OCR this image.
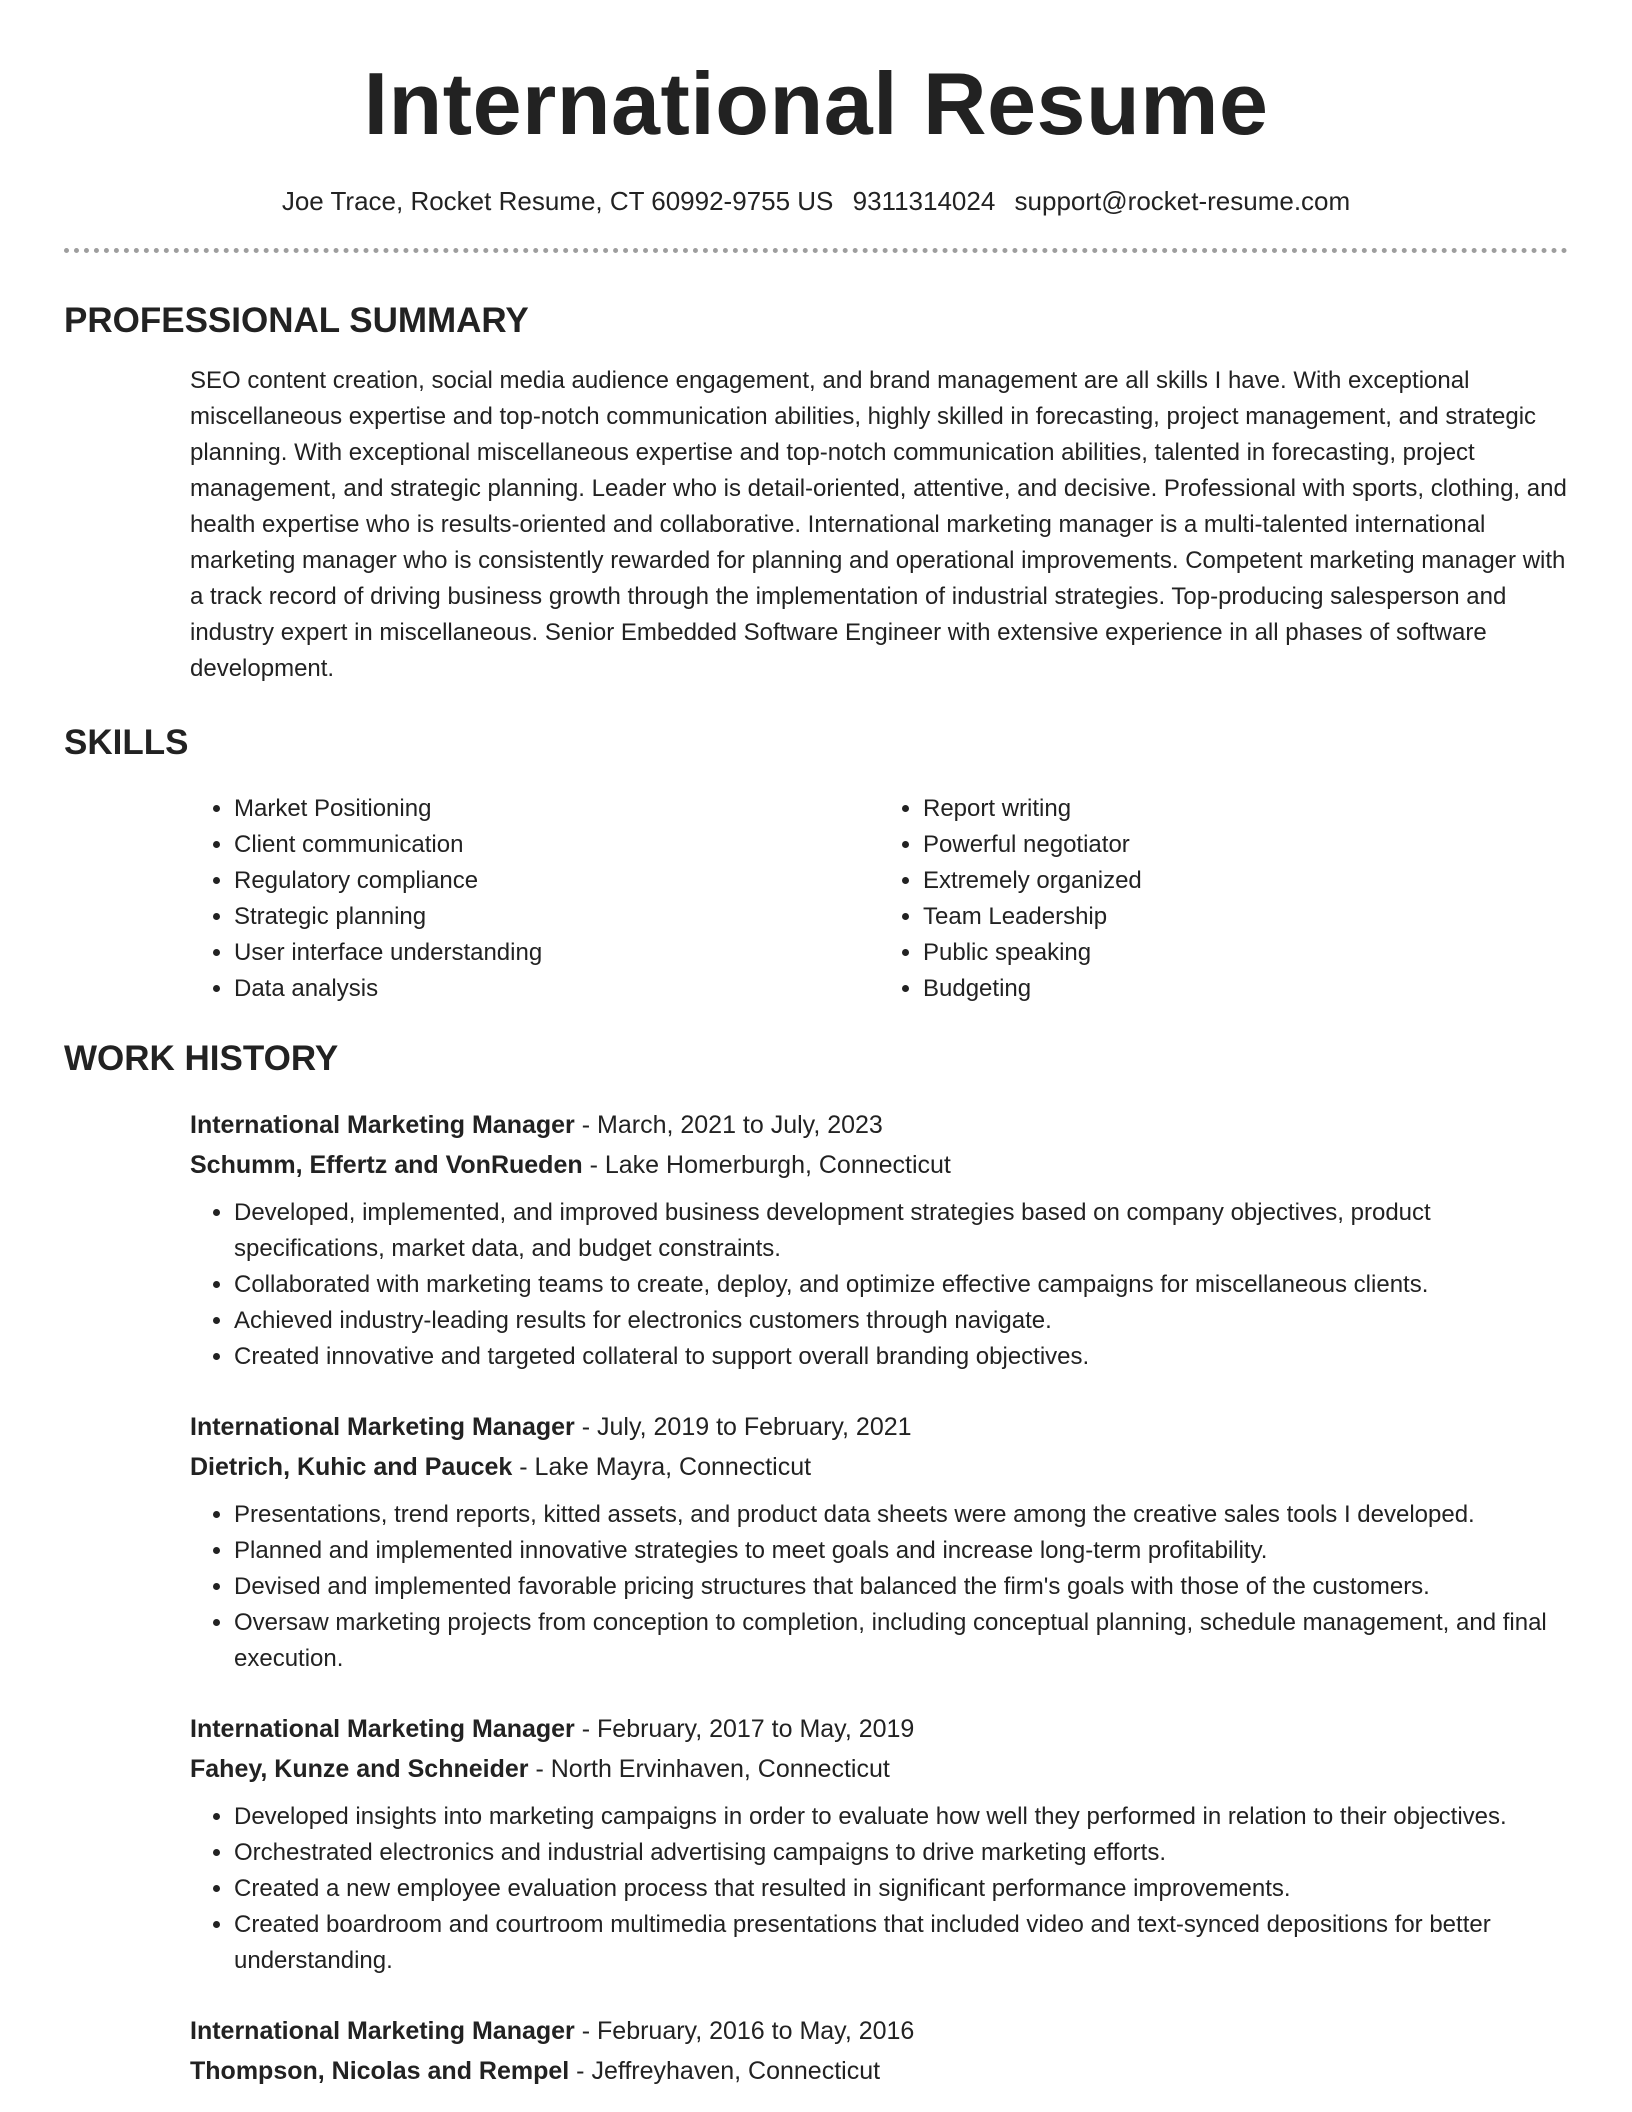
International Resume
Joe Trace, Rocket Resume, CT 60992-9755 US 9311314024 support@rocket-resume.com
PROFESSIONAL SUMMARY

SEO content creation, social media audience engagement, and brand management are all skills I have. With exceptional miscellaneous expertise and top-notch communication abilities, highly skilled in forecasting, project management, and strategic planning. With exceptional miscellaneous expertise and top-notch communication abilities, talented in forecasting, project management, and strategic planning. Leader who is detail-oriented, attentive, and decisive. Professional with sports, clothing, and health expertise who is results-oriented and collaborative. International marketing manager is a multi-talented international marketing manager who is consistently rewarded for planning and operational improvements. Competent marketing manager with a track record of driving business growth through the implementation of industrial strategies. Top-producing salesperson and industry expert in miscellaneous. Senior Embedded Software Engineer with extensive experience in all phases of software development.

SKILLS
• Market Positioning
• Client communication
• Regulatory compliance
• Strategic planning
• User interface understanding
• Data analysis
• Report writing
• Powerful negotiator
• Extremely organized
• Team Leadership
• Public speaking
• Budgeting
WORK HISTORY
International Marketing Manager - March, 2021 to July, 2023
Schumm, Effertz and VonRueden - Lake Homerburgh, Connecticut
• Developed, implemented, and improved business development strategies based on company objectives, product specifications, market data, and budget constraints.
• Collaborated with marketing teams to create, deploy, and optimize effective campaigns for miscellaneous clients.
• Achieved industry-leading results for electronics customers through navigate.
• Created innovative and targeted collateral to support overall branding objectives.
International Marketing Manager - July, 2019 to February, 2021
Dietrich, Kuhic and Paucek - Lake Mayra, Connecticut
• Presentations, trend reports, kitted assets, and product data sheets were among the creative sales tools I developed.
• Planned and implemented innovative strategies to meet goals and increase long-term profitability.
• Devised and implemented favorable pricing structures that balanced the firm's goals with those of the customers.
• Oversaw marketing projects from conception to completion, including conceptual planning, schedule management, and final execution.
International Marketing Manager - February, 2017 to May, 2019
Fahey, Kunze and Schneider - North Ervinhaven, Connecticut
• Developed insights into marketing campaigns in order to evaluate how well they performed in relation to their objectives.
• Orchestrated electronics and industrial advertising campaigns to drive marketing efforts.
• Created a new employee evaluation process that resulted in significant performance improvements.
• Created boardroom and courtroom multimedia presentations that included video and text-synced depositions for better understanding.
International Marketing Manager - February, 2016 to May, 2016
Thompson, Nicolas and Rempel - Jeffreyhaven, Connecticut
